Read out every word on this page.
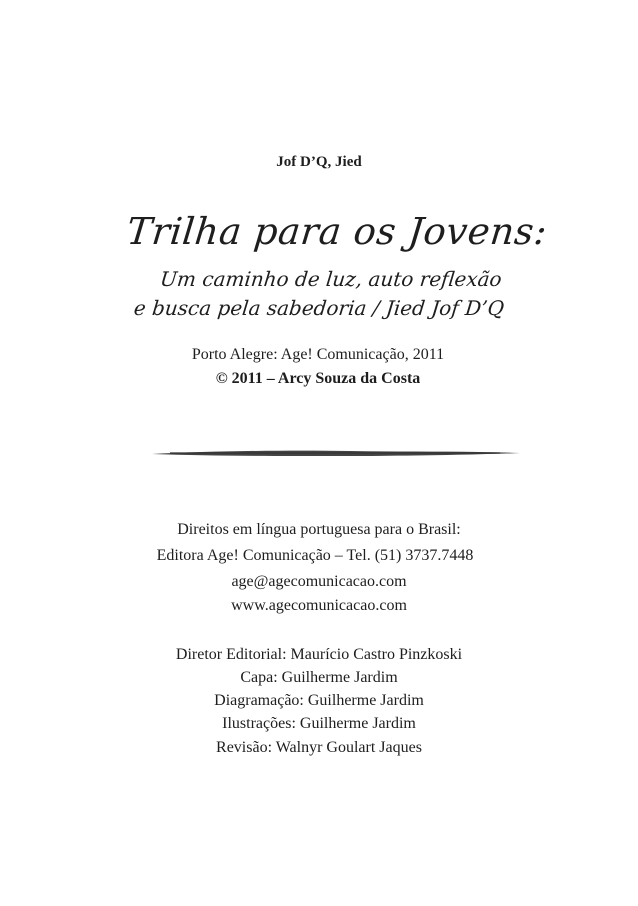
Jof D’Q, Jied
Trilha para os Jovens:
Um caminho de luz, auto reflexão
e busca pela sabedoria / Jied Jof D’Q
Porto Alegre: Age! Comunicação, 2011
© 2011 – Arcy Souza da Costa
Direitos em língua portuguesa para o Brasil:
Editora Age! Comunicação – Tel. (51) 3737.7448
age@agecomunicacao.com
www.agecomunicacao.com
Diretor Editorial: Maurício Castro Pinzkoski
Capa: Guilherme Jardim
Diagramação: Guilherme Jardim
Ilustrações: Guilherme Jardim
Revisão: Walnyr Goulart Jaques
